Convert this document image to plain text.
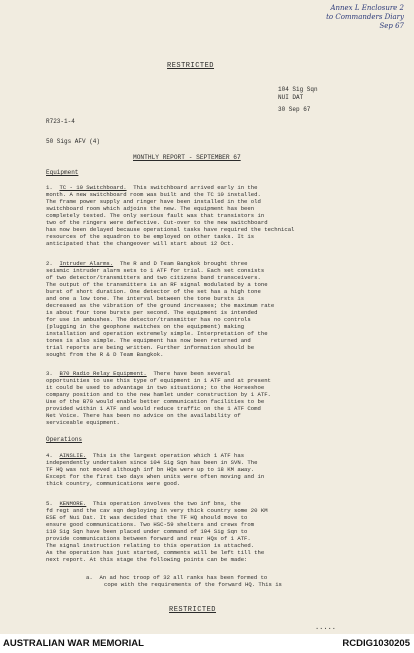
Annex L Enclosure 2
to Commanders Diary
Sep 67
RESTRICTED
104 Sig Sqn
NUI DAT
30 Sep 67
R723-1-4
50 Sigs AFV (4)
MONTHLY REPORT - SEPTEMBER 67
Equipment
1. TC - 10 Switchboard. This switchboard arrived early in the
month. A new switchboard room was built and the TC 10 installed.
The frame power supply and ringer have been installed in the old
switchboard room which adjoins the new. The equipment has been
completely tested. The only serious fault was that transistors in
two of the ringers were defective. Cut-over to the new switchboard
has now been delayed because operational tasks have required the technical
resources of the squadron to be employed on other tasks. It is
anticipated that the changeover will start about 12 Oct.
2. Intruder Alarms. The R and D Team Bangkok brought three
seismic intruder alarm sets to 1 ATF for trial. Each set consists
of two detector/transmitters and two citizens band transceivers.
The output of the transmitters is an RF signal modulated by a tone
burst of short duration. One detector of the set has a high tone
and one a low tone. The interval between the tone bursts is
decreased as the vibration of the ground increases; the maximum rate
is about four tone bursts per second. The equipment is intended
for use in ambushes. The detector/transmitter has no controls
(plugging in the geophone switches on the equipment) making
installation and operation extremely simple. Interpretation of the
tones is also simple. The equipment has now been returned and
trial reports are being written. Further information should be
sought from the R & D Team Bangkok.
3. B70 Radio Relay Equipment. There have been several
opportunities to use this type of equipment in 1 ATF and at present
it could be used to advantage in two situations; to the Horseshoe
company position and to the new hamlet under construction by 1 ATF.
Use of the B70 would enable better communication facilities to be
provided within 1 ATF and would reduce traffic on the 1 ATF Comd
Net Voice. There has been no advice on the availability of
serviceable equipment.
Operations
4. AINSLIE. This is the largest operation which 1 ATF has
independently undertaken since 104 Sig Sqn has been in SVN. The
TF HQ was not moved although inf bn HQs were up to 18 KM away.
Except for the first two days when units were often moving and in
thick country, communications were good.
5. KENMORE. This operation involves the two inf bns, the
fd regt and the cav sqn deploying in very thick country some 20 KM
ESE of Nui Dat. It was decided that the TF HQ should move to
ensure good communications. Two HSC-59 shelters and crews from
110 Sig Sqn have been placed under command of 104 Sig Sqn to
provide communications between forward and rear HQs of 1 ATF.
The signal instruction relating to this operation is attached.
As the operation has just started, comments will be left till the
next report. At this stage the following points can be made:
a. An ad hoc troop of 32 all ranks has been formed to
cope with the requirements of the forward HQ. This is
RESTRICTED
.....
AUSTRALIAN WAR MEMORIAL	RCDIG1030205
